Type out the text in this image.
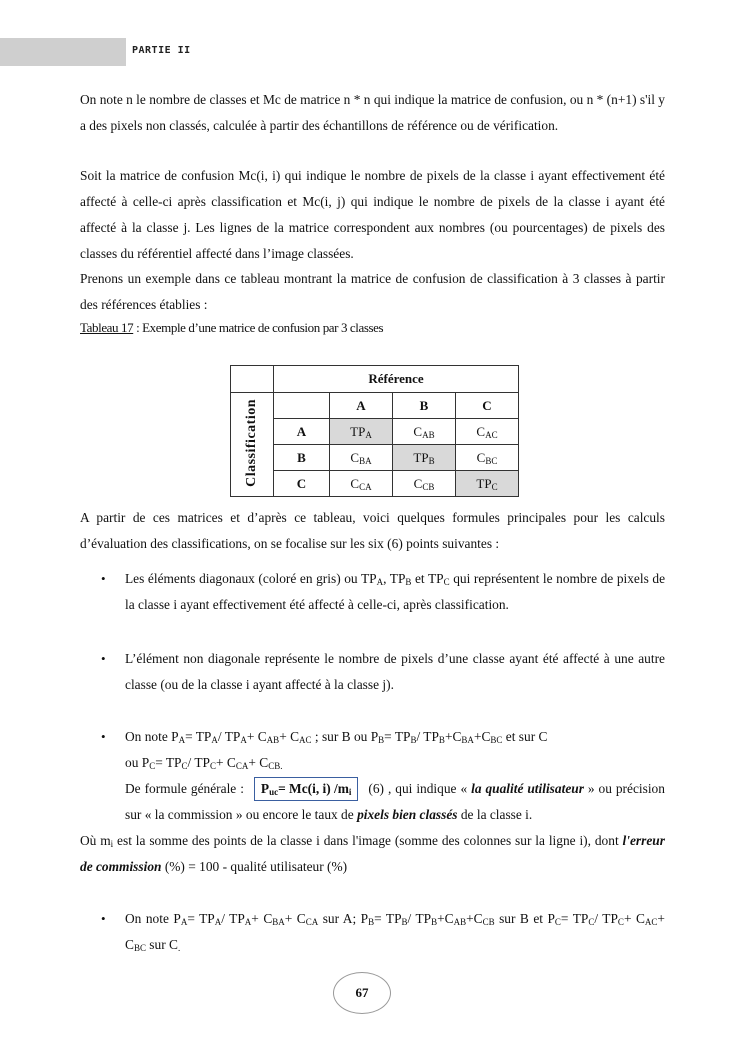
PARTIE II
On note n le nombre de classes et Mc de matrice n * n qui indique la matrice de confusion, ou n * (n+1) s'il y a des pixels non classés, calculée à partir des échantillons de référence ou de vérification.
Soit la matrice de confusion Mc(i, i) qui indique le nombre de pixels de la classe i ayant effectivement été affecté à celle-ci après classification et Mc(i, j) qui indique le nombre de pixels de la classe i ayant été affecté à la classe j. Les lignes de la matrice correspondent aux nombres (ou pourcentages) de pixels des classes du référentiel affecté dans l’image classées.
Prenons un exemple dans ce tableau montrant la matrice de confusion de classification à 3 classes à partir des références établies :
Tableau 17 : Exemple d’une matrice de confusion par 3 classes
	Référence			
Classification		A	B	C
	A	$TP_A$	$C_{AB}$	$C_{AC}$
	B	$C_{BA}$	$TP_B$	$C_{BC}$
	C	$C_{CA}$	$C_{CB}$	$TP_C$
A partir de ces matrices et d’après ce tableau, voici quelques formules principales pour les calculs d’évaluation des classifications, on se focalise sur les six (6) points suivantes :
• Les éléments diagonaux (coloré en gris) ou $TP_A$, $TP_B$ et $TP_C$ qui représentent le nombre de pixels de la classe i ayant effectivement été affecté à celle-ci, après classification.
• L’élément non diagonale représente le nombre de pixels d’une classe ayant été affecté à une autre classe (ou de la classe i ayant affecté à la classe j).
• On note $P_A= TP_A/$ $TP_A+ C_{AB}+ C_{AC}$ ; sur B ou $P_B= TP_B/$ $TP_B+C_{BA}+C_{BC}$ et sur C
ou $P_C= TP_C/$ $TP_C+ C_{CA}+ C_{CB.}$
De formule générale : $P_{uc}= Mc(i$, i) $/m_i$ (6) , qui indique « la qualité utilisateur » ou précision sur « la commission » ou encore le taux de pixels bien classés de la classe i.
Où $m_i$ est la somme des points de la classe i dans l'image (somme des colonnes sur la ligne i), dont l'erreur de commission (%) = 100 - qualité utilisateur (%)
• On note $P_A= TP_A/$ $TP_A+ C_{BA}+ C_{CA}$ sur A; $P_B= TP_B/$ $TP_B+C_{AB}+C_{CB}$ sur B et $P_C= TP_C/$ $TP_C+ C_{AC}+ C_{BC}$ sur $C_.$
67
